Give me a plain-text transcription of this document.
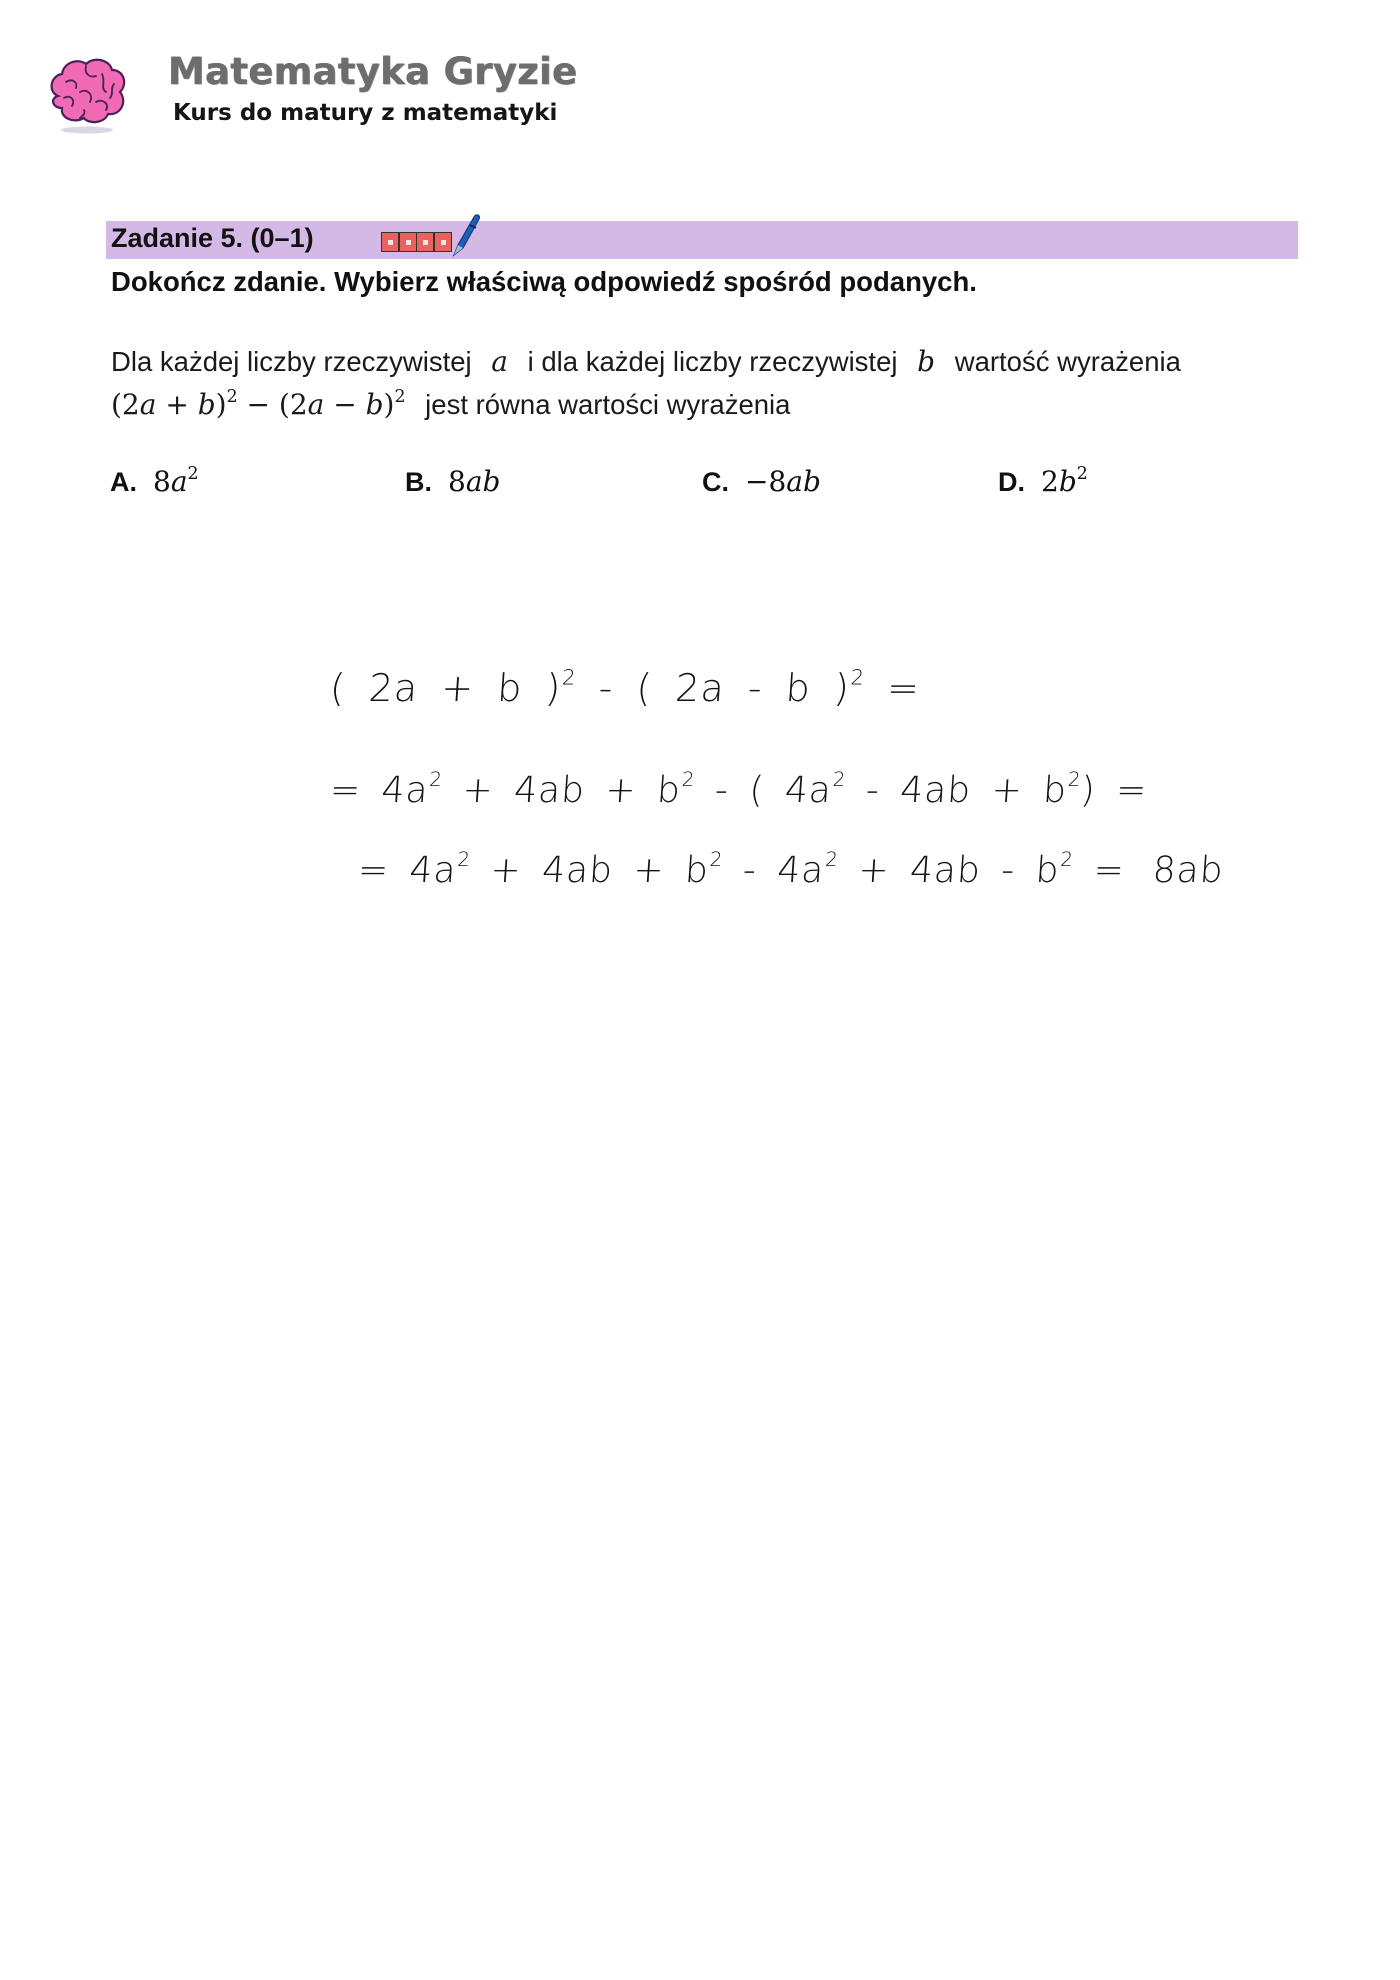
Matematyka Gryzie
Kurs do matury z matematyki
Zadanie 5. (0–1)
Dokończ zdanie. Wybierz właściwą odpowiedź spośród podanych.
Dla każdej liczby rzeczywistej a i dla każdej liczby rzeczywistej b wartość wyrażenia
$(2a + b)^2 - (2a - b)^2$ jest równa wartości wyrażenia
A. $8a^2$	B. 8ab	C. −8ab	D. $2b^2$
( 2a + b )$^2$ - ( 2a - b )$^2$ =
= $4a^2 + 4ab + b^2$ - ( $4a^2 - 4ab + b^2$) =
= $4a^2 + 4ab + b^2 - 4a^2 + 4ab - b^2 = 8ab$
